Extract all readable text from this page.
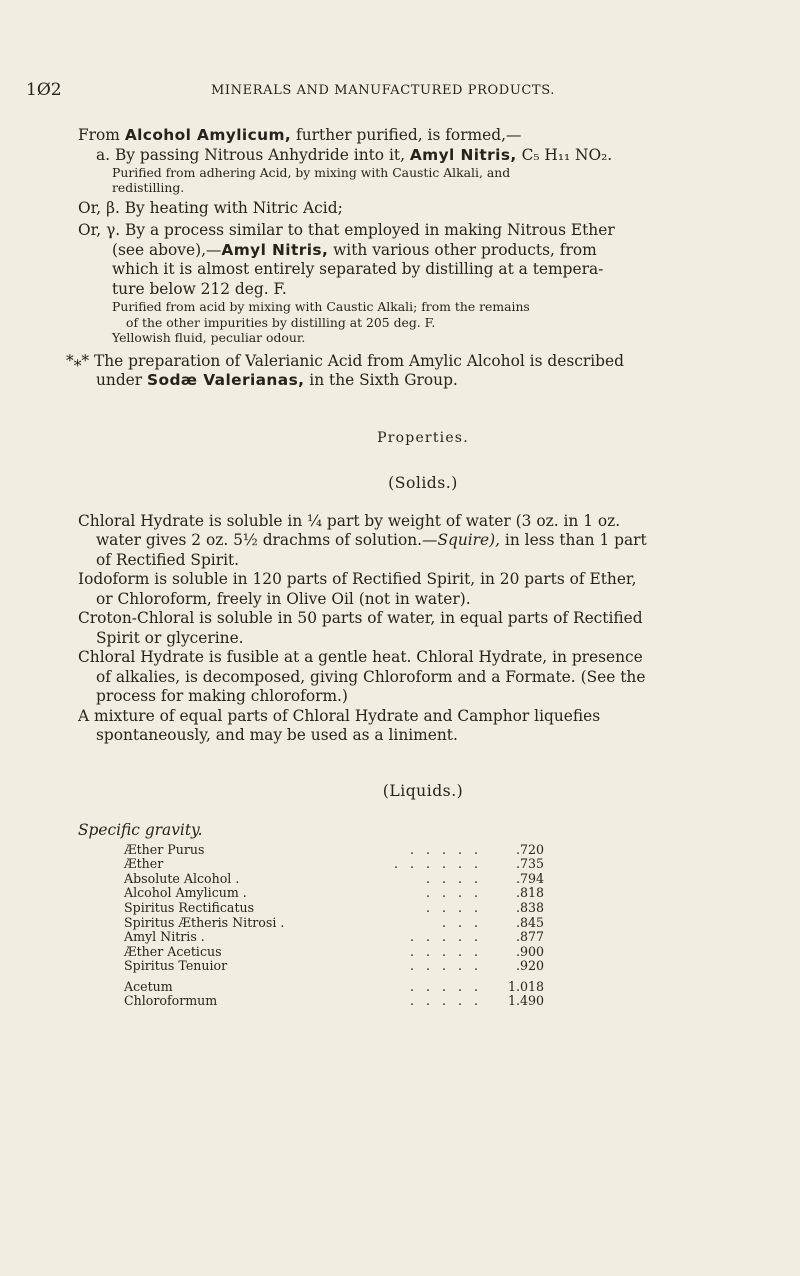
1Ø2	MINERALS AND MANUFACTURED PRODUCTS.
From Alcohol Amylicum, further purified, is formed,—
a. By passing Nitrous Anhydride into it, Amyl Nitris, C₅ H₁₁ NO₂.
Purified from adhering Acid, by mixing with Caustic Alkali, and
redistilling.
Or, β. By heating with Nitric Acid;
Or, γ. By a process similar to that employed in making Nitrous Ether
(see above),—Amyl Nitris, with various other products, from
which it is almost entirely separated by distilling at a tempera-
ture below 212 deg. F.
Purified from acid by mixing with Caustic Alkali; from the remains
of the other impurities by distilling at 205 deg. F.
Yellowish fluid, peculiar odour.
*⁎* The preparation of Valerianic Acid from Amylic Alcohol is described
under Sodæ Valerianas, in the Sixth Group.
Properties.
(Solids.)
Chloral Hydrate is soluble in ¼ part by weight of water (3 oz. in 1 oz.
water gives 2 oz. 5½ drachms of solution.—Squire), in less than 1 part
of Rectified Spirit.
Iodoform is soluble in 120 parts of Rectified Spirit, in 20 parts of Ether,
or Chloroform, freely in Olive Oil (not in water).
Croton-Chloral is soluble in 50 parts of water, in equal parts of Rectified
Spirit or glycerine.
Chloral Hydrate is fusible at a gentle heat. Chloral Hydrate, in presence
of alkalies, is decomposed, giving Chloroform and a Formate. (See the
process for making chloroform.)
A mixture of equal parts of Chloral Hydrate and Camphor liquefies
spontaneously, and may be used as a liniment.
(Liquids.)
Specific gravity.
Æther Purus	. . . . .	.720
Æther	. . . . . .	.735
Absolute Alcohol .	. . . .	.794
Alcohol Amylicum .	. . . .	.818
Spiritus Rectificatus	. . . .	.838
Spiritus Ætheris Nitrosi .	. . .	.845
Amyl Nitris .	. . . . .	.877
Æther Aceticus	. . . . .	.900
Spiritus Tenuior	. . . . .	.920
Acetum	. . . . .	1.018
Chloroformum	. . . . .	1.490
